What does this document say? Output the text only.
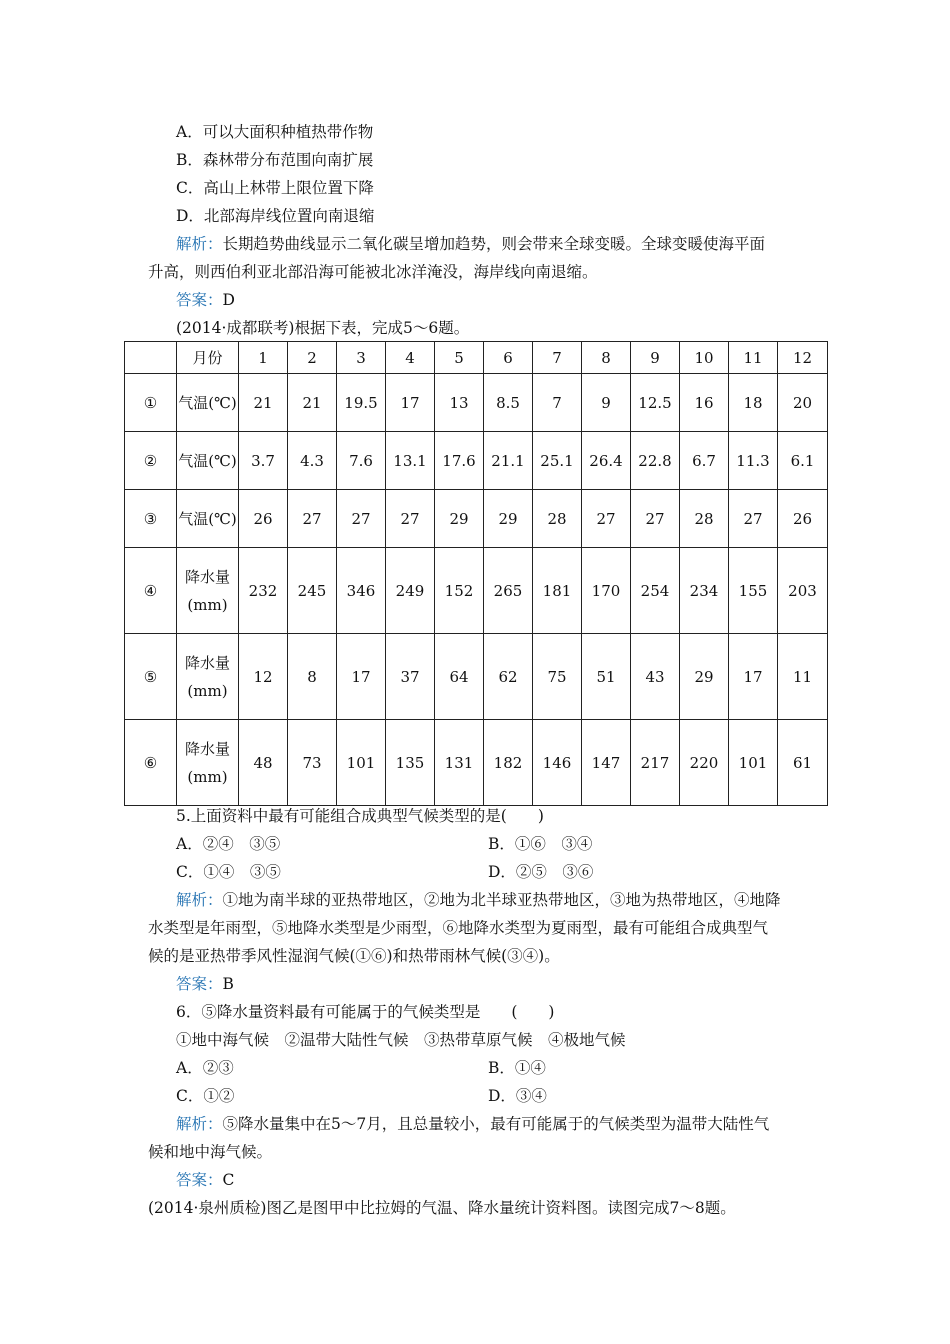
A．可以大面积种植热带作物
B．森林带分布范围向南扩展
C．高山上林带上限位置下降
D．北部海岸线位置向南退缩
解析：长期趋势曲线显示二氧化碳呈增加趋势，则会带来全球变暖。全球变暖使海平面
升高，则西伯利亚北部沿海可能被北冰洋淹没，海岸线向南退缩。
答案：D
(2014·成都联考)根据下表，完成5～6题。
	月份	1	2	3	4	5	6	7	8	9	10	11	12
①	气温(℃)	21	21	19.5	17	13	8.5	7	9	12.5	16	18	20
②	气温(℃)	3.7	4.3	7.6	13.1	17.6	21.1	25.1	26.4	22.8	6.7	11.3	6.1
③	气温(℃)	26	27	27	27	29	29	28	27	27	28	27	26
④	降水量(mm)	232	245	346	249	152	265	181	170	254	234	155	203
⑤	降水量(mm)	12	8	17	37	64	62	75	51	43	29	17	11
⑥	降水量(mm)	48	73	101	135	131	182	146	147	217	220	101	61
5.上面资料中最有可能组合成典型气候类型的是(　　)
A．②④　③⑤	B．①⑥　③④
C．①④　③⑤	D．②⑤　③⑥
解析：①地为南半球的亚热带地区，②地为北半球亚热带地区，③地为热带地区，④地降
水类型是年雨型，⑤地降水类型是少雨型，⑥地降水类型为夏雨型，最有可能组合成典型气
候的是亚热带季风性湿润气候(①⑥)和热带雨林气候(③④)。
答案：B
6．⑤降水量资料最有可能属于的气候类型是　　(　　)
①地中海气候　②温带大陆性气候　③热带草原气候　④极地气候
A．②③	B．①④
C．①②	D．③④
解析：⑤降水量集中在5～7月，且总量较小，最有可能属于的气候类型为温带大陆性气
候和地中海气候。
答案：C
(2014·泉州质检)图乙是图甲中比拉姆的气温、降水量统计资料图。读图完成7～8题。
